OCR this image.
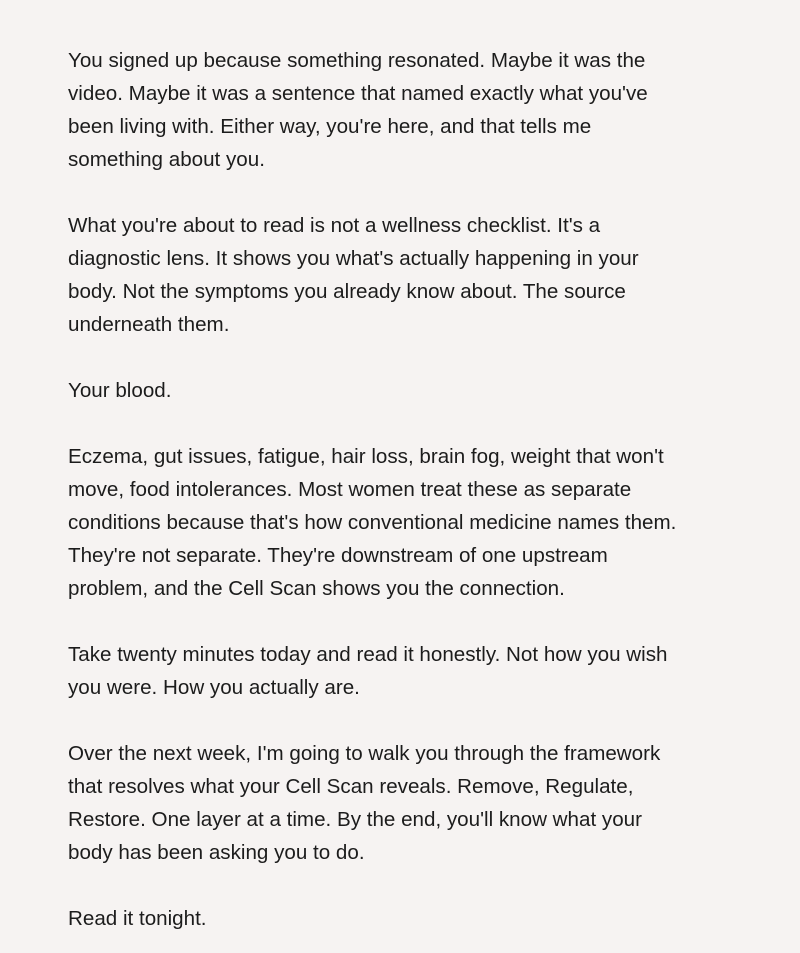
You signed up because something resonated. Maybe it was the
video. Maybe it was a sentence that named exactly what you've
been living with. Either way, you're here, and that tells me
something about you.

What you're about to read is not a wellness checklist. It's a
diagnostic lens. It shows you what's actually happening in your
body. Not the symptoms you already know about. The source
underneath them.

Your blood.

Eczema, gut issues, fatigue, hair loss, brain fog, weight that won't
move, food intolerances. Most women treat these as separate
conditions because that's how conventional medicine names them.
They're not separate. They're downstream of one upstream
problem, and the Cell Scan shows you the connection.

Take twenty minutes today and read it honestly. Not how you wish
you were. How you actually are.

Over the next week, I'm going to walk you through the framework
that resolves what your Cell Scan reveals. Remove, Regulate,
Restore. One layer at a time. By the end, you'll know what your
body has been asking you to do.

Read it tonight.
